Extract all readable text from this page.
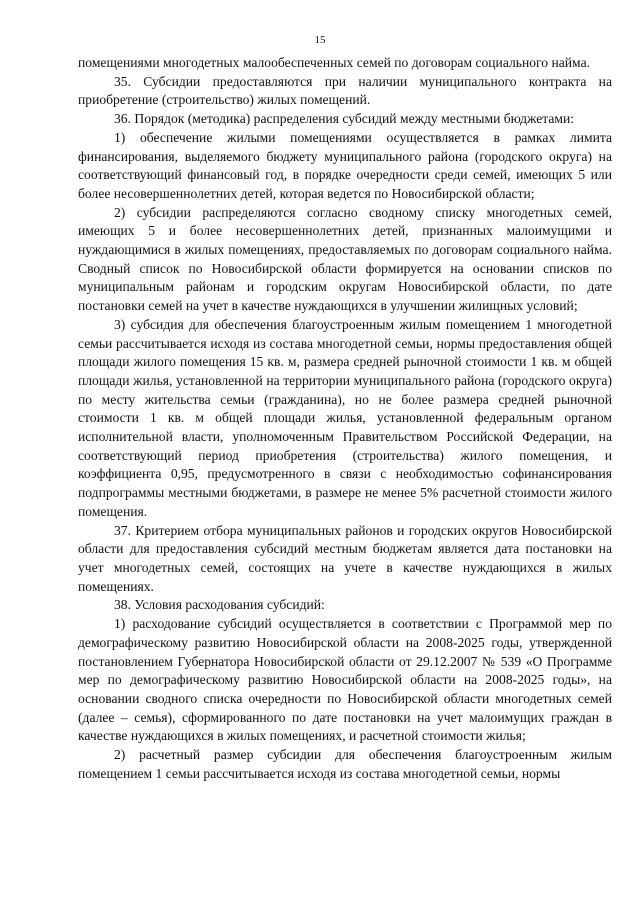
15

помещениями многодетных малообеспеченных семей по договорам социального найма.

35. Субсидии предоставляются при наличии муниципального контракта на приобретение (строительство) жилых помещений.

36. Порядок (методика) распределения субсидий между местными бюджетами:

1) обеспечение жилыми помещениями осуществляется в рамках лимита финансирования, выделяемого бюджету муниципального района (городского округа) на соответствующий финансовый год, в порядке очередности среди семей, имеющих 5 или более несовершеннолетних детей, которая ведется по Новосибирской области;

2) субсидии распределяются согласно сводному списку многодетных семей, имеющих 5 и более несовершеннолетних детей, признанных малоимущими и нуждающимися в жилых помещениях, предоставляемых по договорам социального найма. Сводный список по Новосибирской области формируется на основании списков по муниципальным районам и городским округам Новосибирской области, по дате постановки семей на учет в качестве нуждающихся в улучшении жилищных условий;

3) субсидия для обеспечения благоустроенным жилым помещением 1 многодетной семьи рассчитывается исходя из состава многодетной семьи, нормы предоставления общей площади жилого помещения 15 кв. м, размера средней рыночной стоимости 1 кв. м общей площади жилья, установленной на территории муниципального района (городского округа) по месту жительства семьи (гражданина), но не более размера средней рыночной стоимости 1 кв. м общей площади жилья, установленной федеральным органом исполнительной власти, уполномоченным Правительством Российской Федерации, на соответствующий период приобретения (строительства) жилого помещения, и коэффициента 0,95, предусмотренного в связи с необходимостью софинансирования подпрограммы местными бюджетами, в размере не менее 5% расчетной стоимости жилого помещения.

37. Критерием отбора муниципальных районов и городских округов Новосибирской области для предоставления субсидий местным бюджетам является дата постановки на учет многодетных семей, состоящих на учете в качестве нуждающихся в жилых помещениях.

38. Условия расходования субсидий:

1) расходование субсидий осуществляется в соответствии с Программой мер по демографическому развитию Новосибирской области на 2008-2025 годы, утвержденной постановлением Губернатора Новосибирской области от 29.12.2007 № 539 «О Программе мер по демографическому развитию Новосибирской области на 2008-2025 годы», на основании сводного списка очередности по Новосибирской области многодетных семей (далее – семья), сформированного по дате постановки на учет малоимущих граждан в качестве нуждающихся в жилых помещениях, и расчетной стоимости жилья;

2) расчетный размер субсидии для обеспечения благоустроенным жилым помещением 1 семьи рассчитывается исходя из состава многодетной семьи, нормы
